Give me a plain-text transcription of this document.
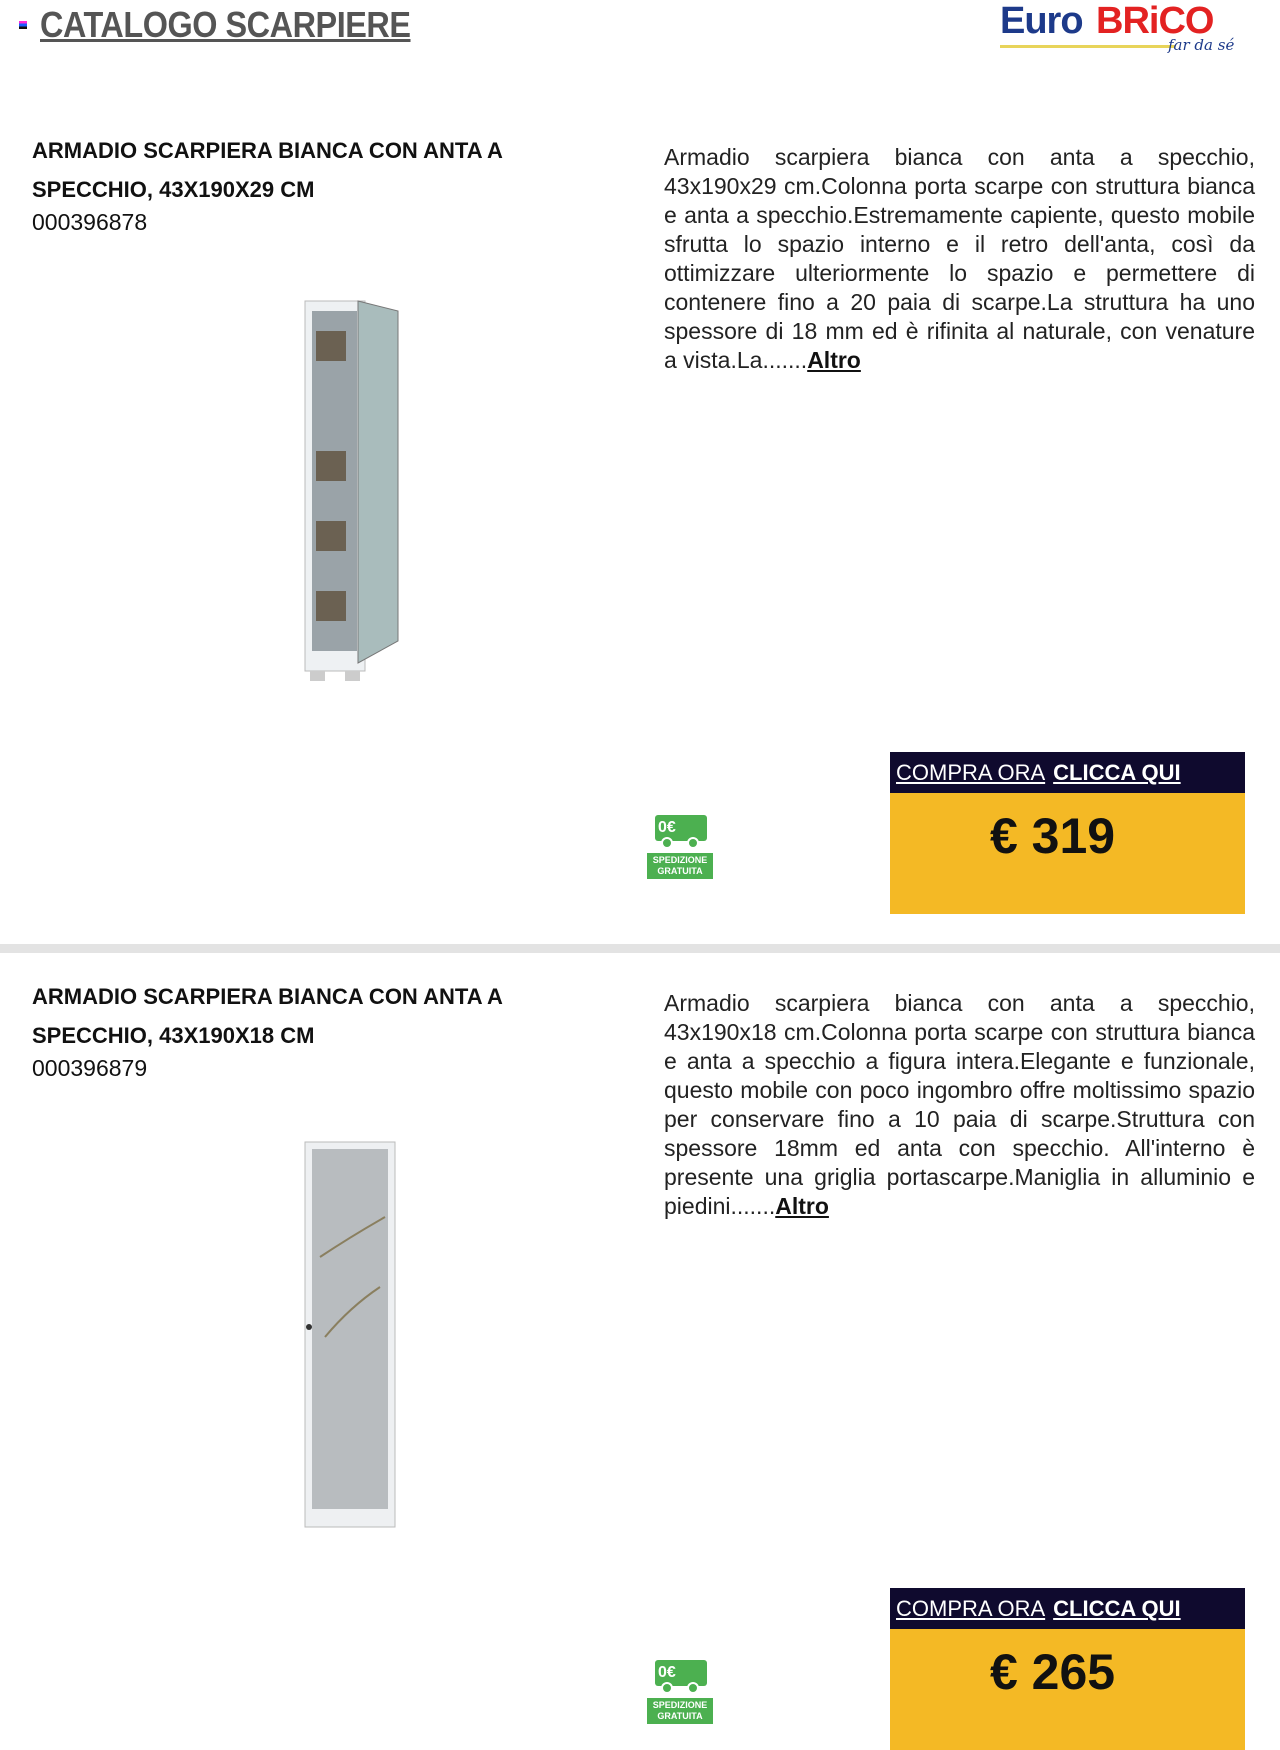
CATALOGO SCARPIERE	Euro BRiCO
far da sé
ARMADIO SCARPIERA BIANCA CON ANTA A SPECCHIO, 43X190X29 CM
000396878
Armadio scarpiera bianca con anta a specchio, 43x190x29 cm.Colonna porta scarpe con struttura bianca e anta a specchio.Estremamente capiente, questo mobile sfrutta lo spazio interno e il retro dell'anta, così da ottimizzare ulteriormente lo spazio e permettere di contenere fino a 20 paia di scarpe.La struttura ha uno spessore di 18 mm ed è rifinita al naturale, con venature a vista.La.......Altro
0€
SPEDIZIONE GRATUITA
COMPRA ORA CLICCA QUI
€ 319
ARMADIO SCARPIERA BIANCA CON ANTA A SPECCHIO, 43X190X18 CM
000396879
Armadio scarpiera bianca con anta a specchio, 43x190x18 cm.Colonna porta scarpe con struttura bianca e anta a specchio a figura intera.Elegante e funzionale, questo mobile con poco ingombro offre moltissimo spazio per conservare fino a 10 paia di scarpe.Struttura con spessore 18mm ed anta con specchio. All'interno è presente una griglia portascarpe.Maniglia in alluminio e piedini.......Altro
0€
SPEDIZIONE GRATUITA
COMPRA ORA CLICCA QUI
€ 265
